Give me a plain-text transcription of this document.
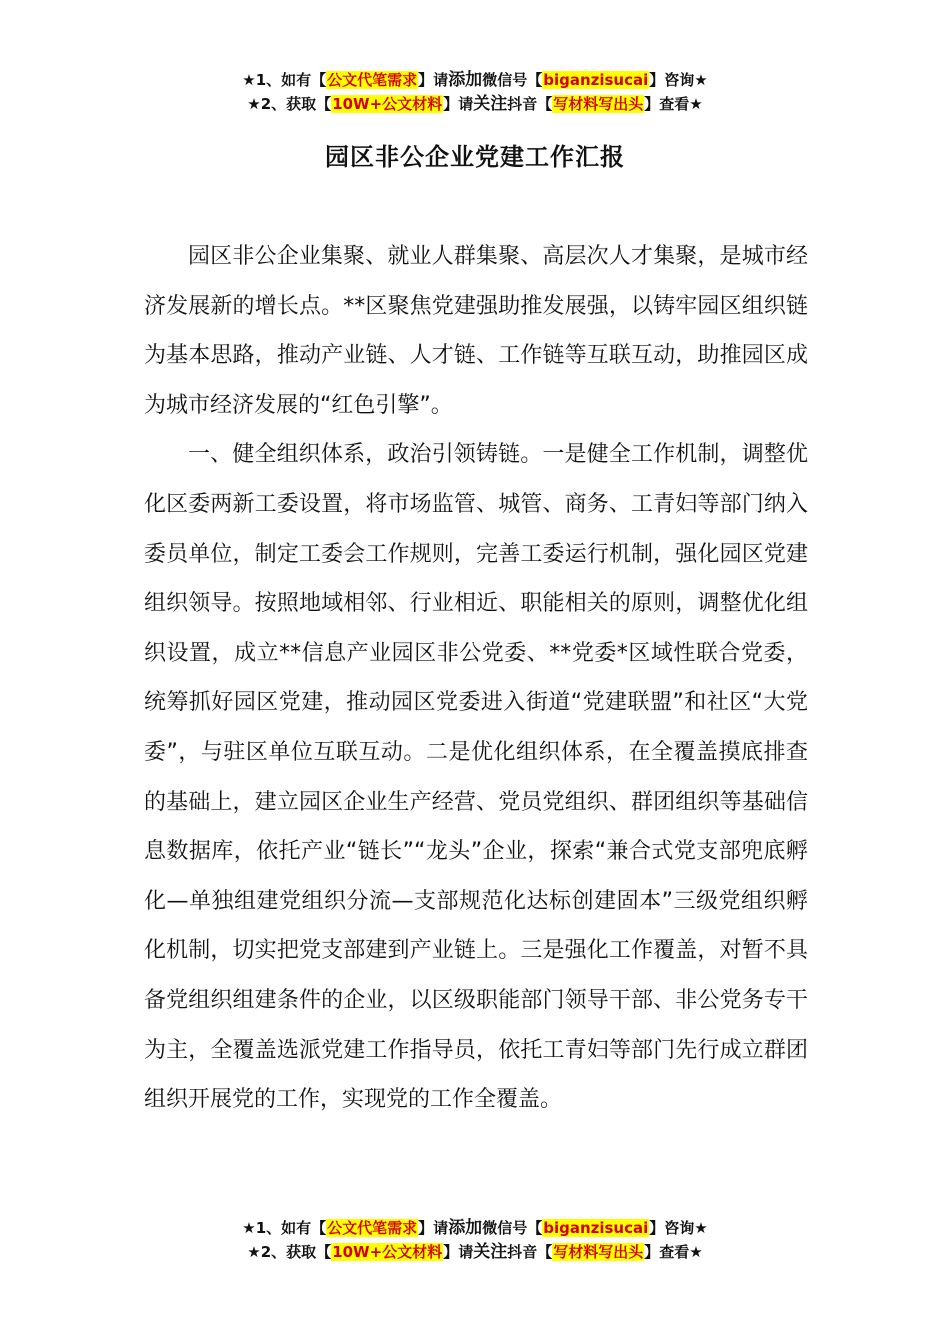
★1、如有【公文代笔需求】请添加微信号【biganzisucai】咨询★
★2、获取【10W+公文材料】请关注抖音【写材料写出头】查看★
园区非公企业党建工作汇报

园区非公企业集聚、就业人群集聚、高层次人才集聚，是城市经济发展新的增长点。**区聚焦党建强助推发展强，以铸牢园区组织链为基本思路，推动产业链、人才链、工作链等互联互动，助推园区成为城市经济发展的“红色引擎”。

一、健全组织体系，政治引领铸链。一是健全工作机制，调整优化区委两新工委设置，将市场监管、城管、商务、工青妇等部门纳入委员单位，制定工委会工作规则，完善工委运行机制，强化园区党建组织领导。按照地域相邻、行业相近、职能相关的原则，调整优化组织设置，成立**信息产业园区非公党委、**党委*区域性联合党委，统筹抓好园区党建，推动园区党委进入街道“党建联盟”和社区“大党委”，与驻区单位互联互动。二是优化组织体系，在全覆盖摸底排查的基础上，建立园区企业生产经营、党员党组织、群团组织等基础信息数据库，依托产业“链长”“龙头”企业，探索“兼合式党支部兜底孵化—单独组建党组织分流—支部规范化达标创建固本”三级党组织孵化机制，切实把党支部建到产业链上。三是强化工作覆盖，对暂不具备党组织组建条件的企业，以区级职能部门领导干部、非公党务专干为主，全覆盖选派党建工作指导员，依托工青妇等部门先行成立群团组织开展党的工作，实现党的工作全覆盖。

★1、如有【公文代笔需求】请添加微信号【biganzisucai】咨询★
★2、获取【10W+公文材料】请关注抖音【写材料写出头】查看★
